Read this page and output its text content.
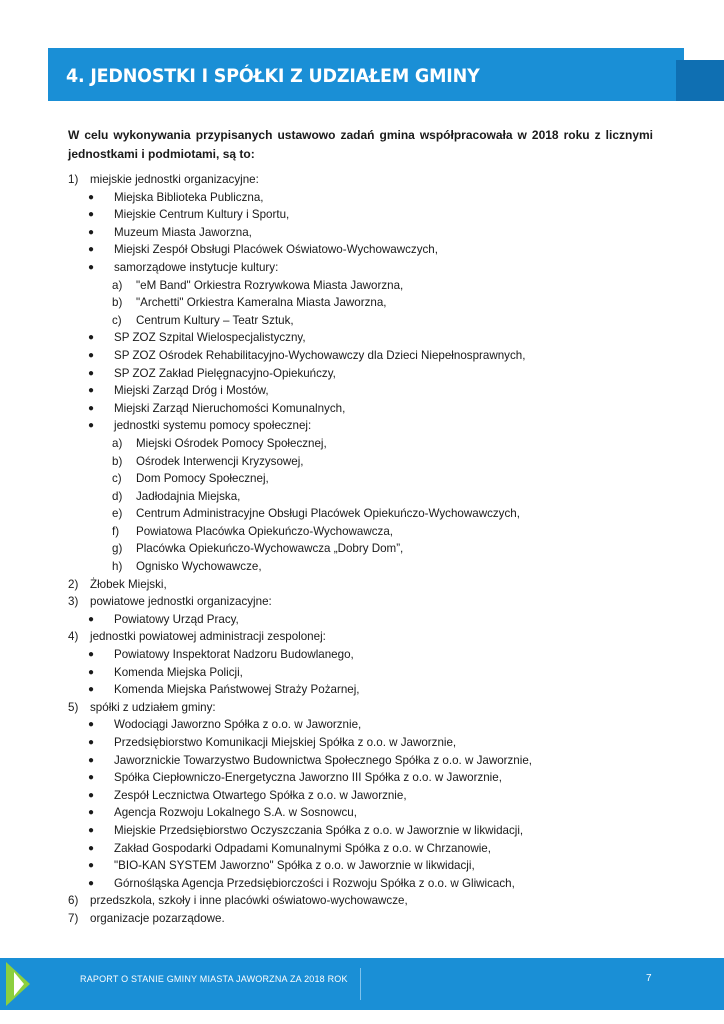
4. JEDNOSTKI I SPÓŁKI Z UDZIAŁEM GMINY
W celu wykonywania przypisanych ustawowo zadań gmina współpracowała w 2018 roku z licznymi
jednostkami i podmiotami, są to:
1) miejskie jednostki organizacyjne:
● Miejska Biblioteka Publiczna,
● Miejskie Centrum Kultury i Sportu,
● Muzeum Miasta Jaworzna,
● Miejski Zespół Obsługi Placówek Oświatowo-Wychowawczych,
● samorządowe instytucje kultury:
a) "eM Band" Orkiestra Rozrywkowa Miasta Jaworzna,
b) "Archetti" Orkiestra Kameralna Miasta Jaworzna,
c) Centrum Kultury – Teatr Sztuk,
● SP ZOZ Szpital Wielospecjalistyczny,
● SP ZOZ Ośrodek Rehabilitacyjno-Wychowawczy dla Dzieci Niepełnosprawnych,
● SP ZOZ Zakład Pielęgnacyjno-Opiekuńczy,
● Miejski Zarząd Dróg i Mostów,
● Miejski Zarząd Nieruchomości Komunalnych,
● jednostki systemu pomocy społecznej:
a) Miejski Ośrodek Pomocy Społecznej,
b) Ośrodek Interwencji Kryzysowej,
c) Dom Pomocy Społecznej,
d) Jadłodajnia Miejska,
e) Centrum Administracyjne Obsługi Placówek Opiekuńczo-Wychowawczych,
f) Powiatowa Placówka Opiekuńczo-Wychowawcza,
g) Placówka Opiekuńczo-Wychowawcza „Dobry Dom”,
h) Ognisko Wychowawcze,
2) Żłobek Miejski,
3) powiatowe jednostki organizacyjne:
● Powiatowy Urząd Pracy,
4) jednostki powiatowej administracji zespolonej:
● Powiatowy Inspektorat Nadzoru Budowlanego,
● Komenda Miejska Policji,
● Komenda Miejska Państwowej Straży Pożarnej,
5) spółki z udziałem gminy:
● Wodociągi Jaworzno Spółka z o.o. w Jaworznie,
● Przedsiębiorstwo Komunikacji Miejskiej Spółka z o.o. w Jaworznie,
● Jaworznickie Towarzystwo Budownictwa Społecznego Spółka z o.o. w Jaworznie,
● Spółka Ciepłowniczo-Energetyczna Jaworzno III Spółka z o.o. w Jaworznie,
● Zespół Lecznictwa Otwartego Spółka z o.o. w Jaworznie,
● Agencja Rozwoju Lokalnego S.A. w Sosnowcu,
● Miejskie Przedsiębiorstwo Oczyszczania Spółka z o.o. w Jaworznie w likwidacji,
● Zakład Gospodarki Odpadami Komunalnymi Spółka z o.o. w Chrzanowie,
● "BIO-KAN SYSTEM Jaworzno" Spółka z o.o. w Jaworznie w likwidacji,
● Górnośląska Agencja Przedsiębiorczości i Rozwoju Spółka z o.o. w Gliwicach,
6) przedszkola, szkoły i inne placówki oświatowo-wychowawcze,
7) organizacje pozarządowe.
RAPORT O STANIE GMINY MIASTA JAWORZNA ZA 2018 ROK	7
